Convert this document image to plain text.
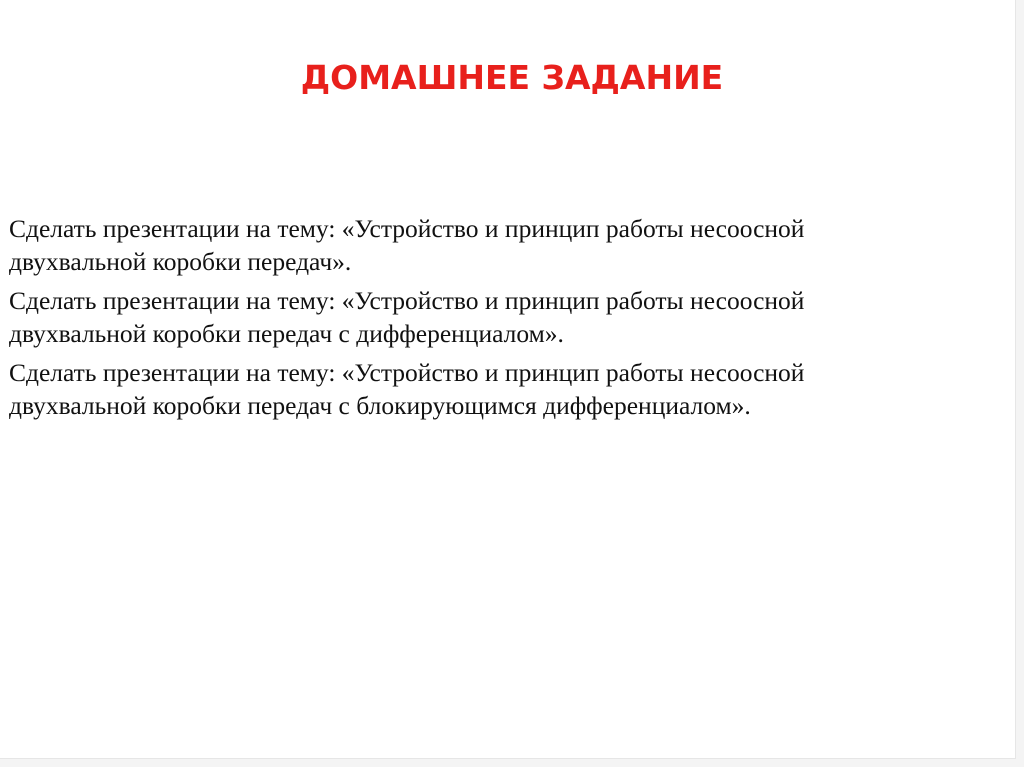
ДОМАШНЕЕ ЗАДАНИЕ
Сделать презентации на тему: «Устройство и принцип работы несоосной
двухвальной коробки передач».
Сделать презентации на тему: «Устройство и принцип работы несоосной
двухвальной коробки передач с дифференциалом».
Сделать презентации на тему: «Устройство и принцип работы несоосной
двухвальной коробки передач с блокирующимся дифференциалом».
